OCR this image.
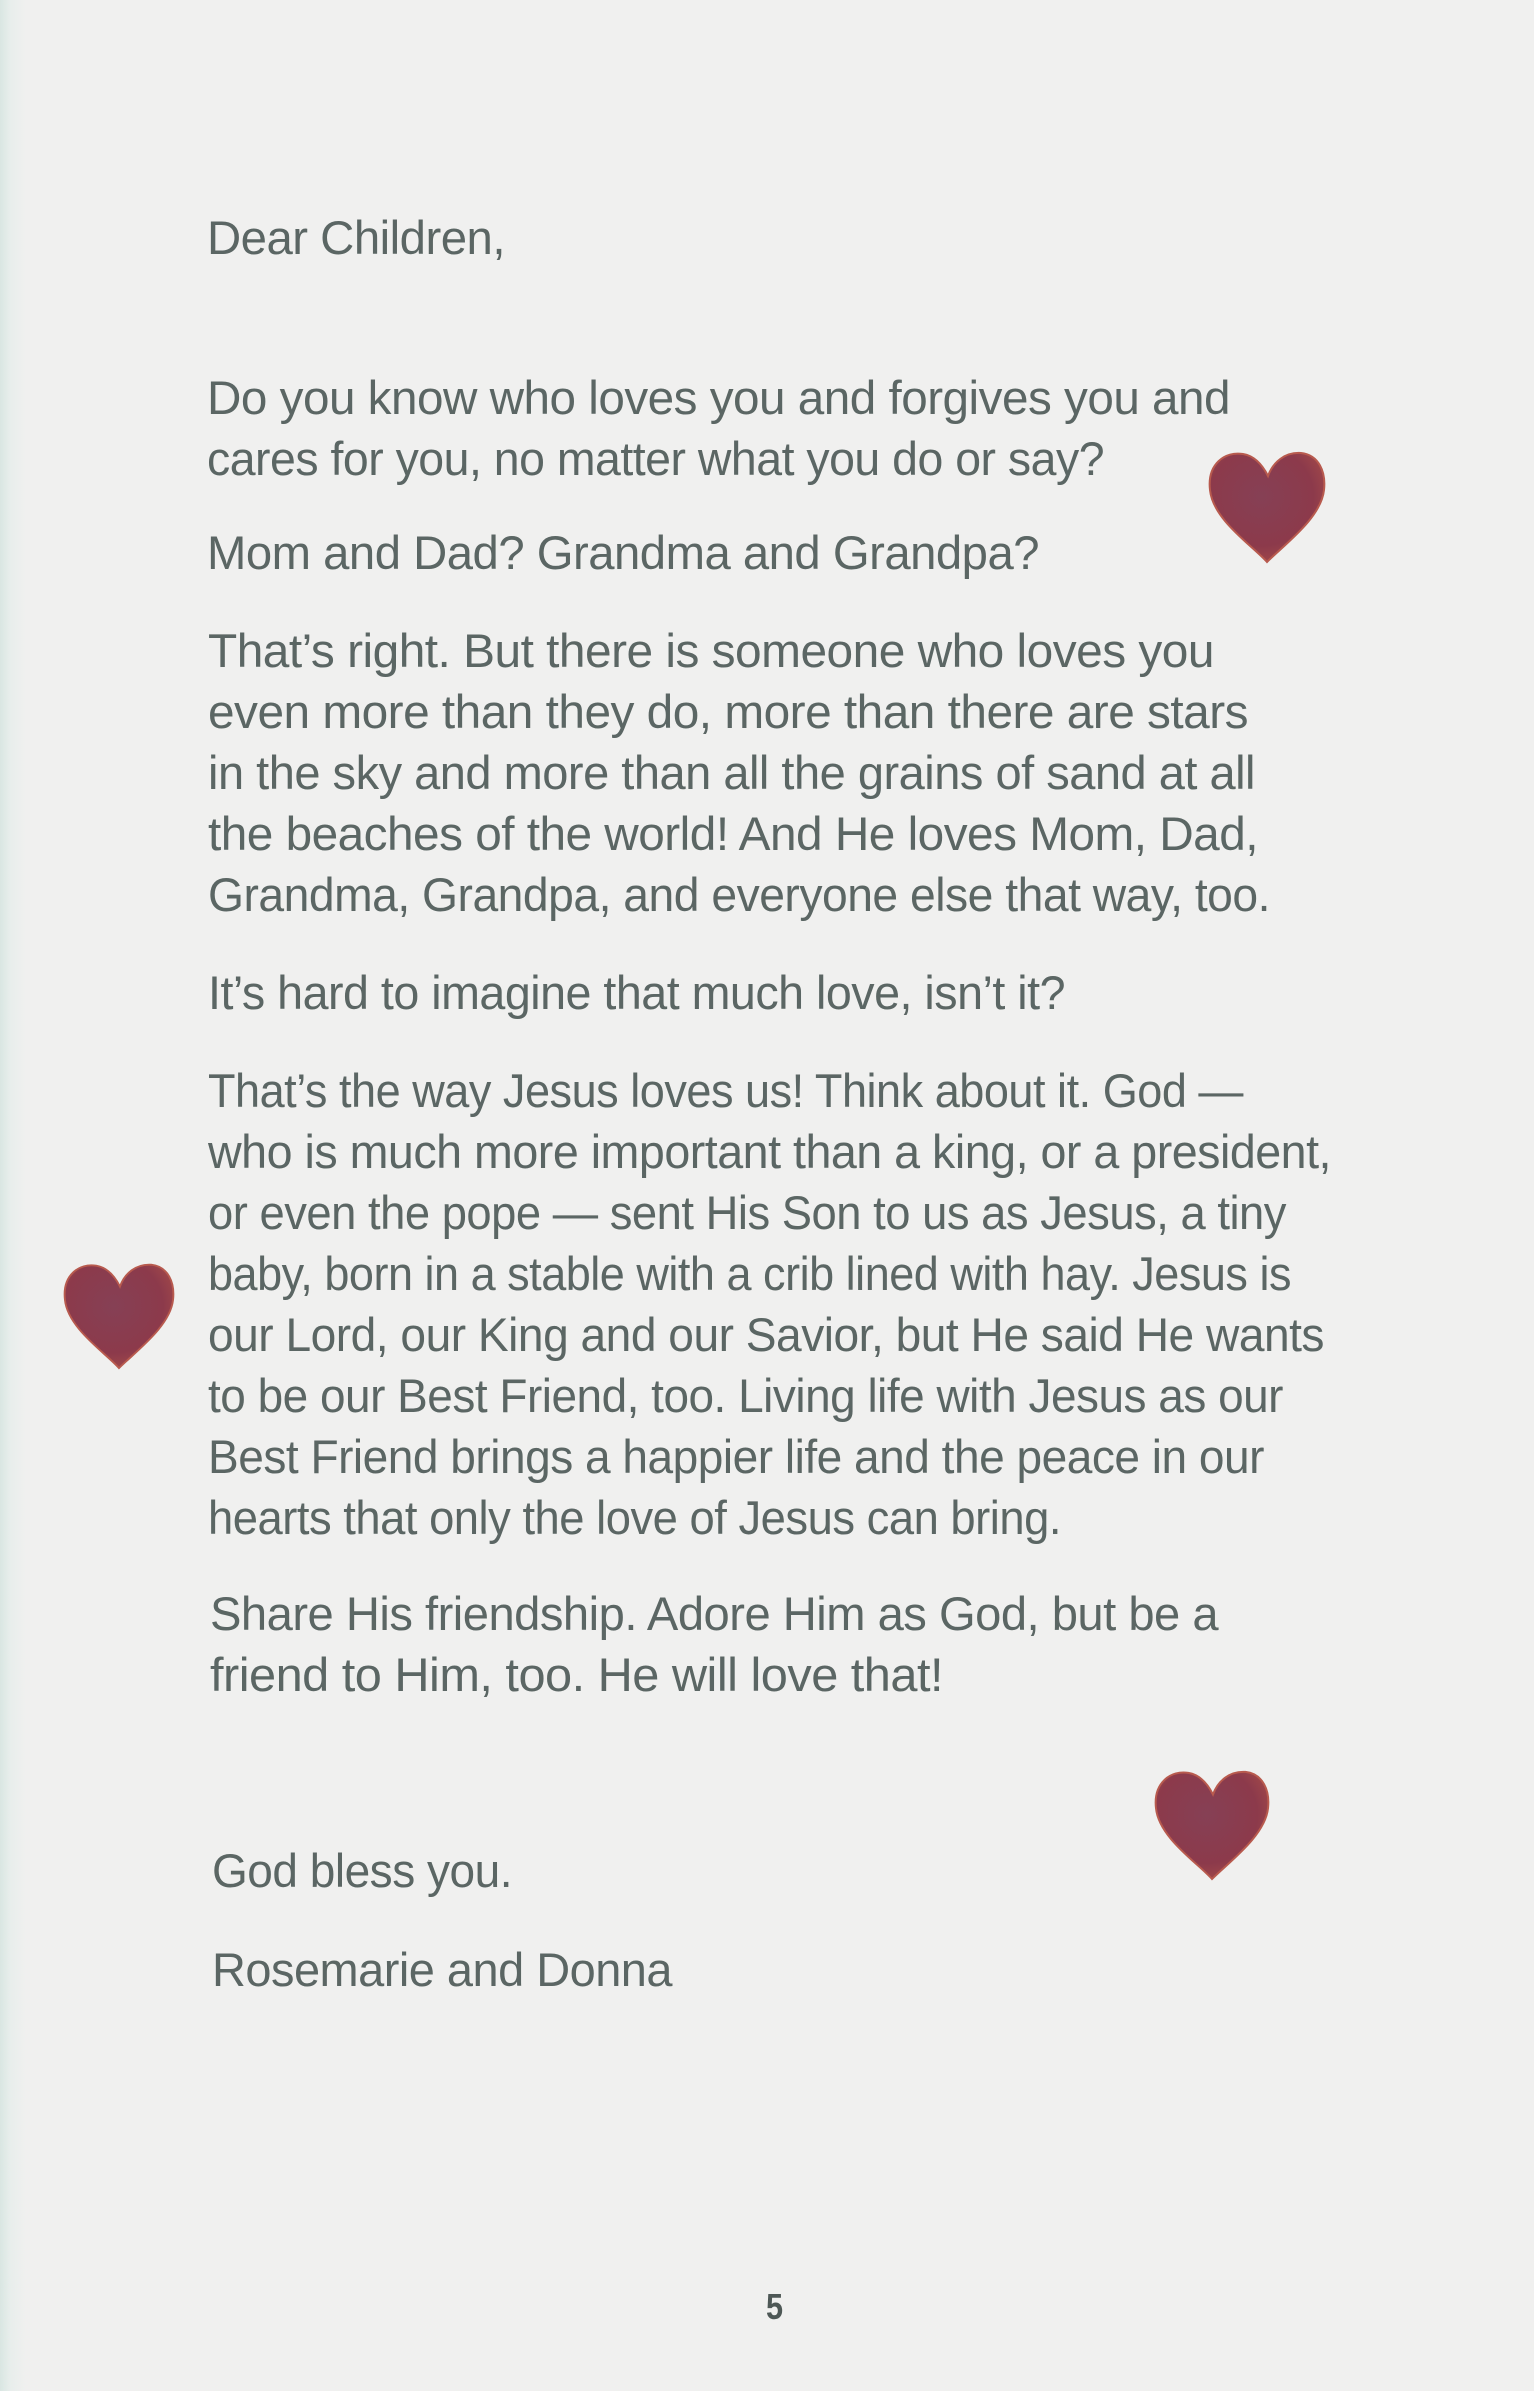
Dear Children,
Do you know who loves you and forgives you and
cares for you, no matter what you do or say?
Mom and Dad? Grandma and Grandpa?
That’s right. But there is someone who loves you
even more than they do, more than there are stars
in the sky and more than all the grains of sand at all
the beaches of the world! And He loves Mom, Dad,
Grandma, Grandpa, and everyone else that way, too.
It’s hard to imagine that much love, isn’t it?
That’s the way Jesus loves us! Think about it. God —
who is much more important than a king, or a president,
or even the pope — sent His Son to us as Jesus, a tiny
baby, born in a stable with a crib lined with hay. Jesus is
our Lord, our King and our Savior, but He said He wants
to be our Best Friend, too. Living life with Jesus as our
Best Friend brings a happier life and the peace in our
hearts that only the love of Jesus can bring.
Share His friendship. Adore Him as God, but be a
friend to Him, too. He will love that!
God bless you.
Rosemarie and Donna
5
